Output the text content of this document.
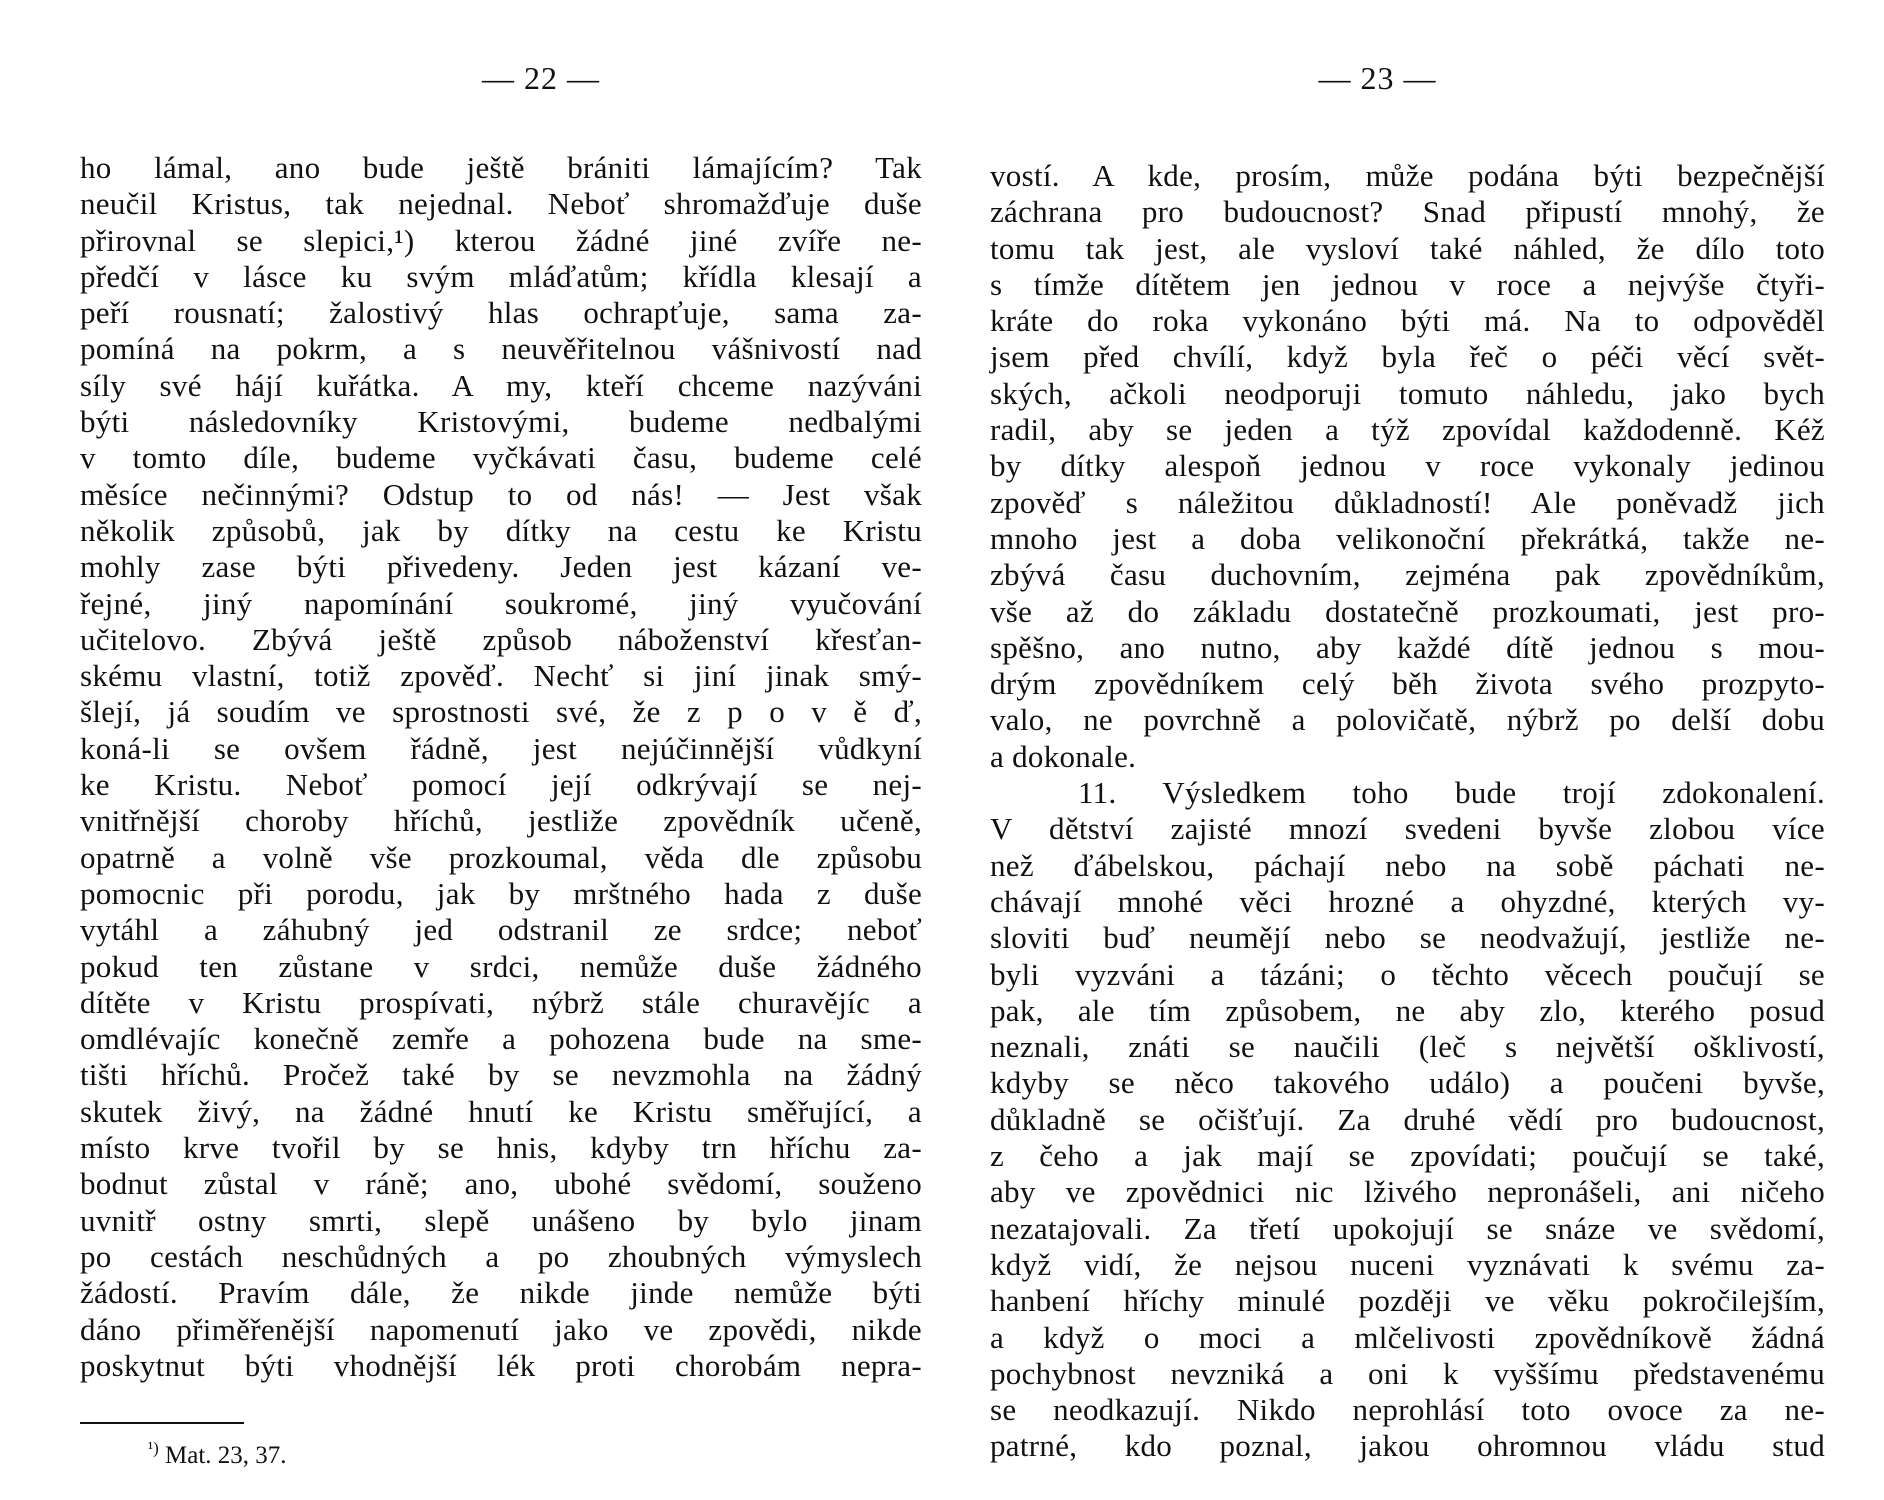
— 22 —
ho lámal, ano bude ještě brániti lámajícím? Tak
neučil Kristus, tak nejednal. Neboť shromažďuje duše
přirovnal se slepici,¹) kterou žádné jiné zvíře ne-
předčí v lásce ku svým mláďatům; křídla klesají a
peří rousnatí; žalostivý hlas ochrapťuje, sama za-
pomíná na pokrm, a s neuvěřitelnou vášnivostí nad
síly své hájí kuřátka. A my, kteří chceme nazýváni
býti následovníky Kristovými, budeme nedbalými
v tomto díle, budeme vyčkávati času, budeme celé
měsíce nečinnými? Odstup to od nás! — Jest však
několik způsobů, jak by dítky na cestu ke Kristu
mohly zase býti přivedeny. Jeden jest kázaní ve-
řejné, jiný napomínání soukromé, jiný vyučování
učitelovo. Zbývá ještě způsob náboženství křesťan-
skému vlastní, totiž zpověď. Nechť si jiní jinak smý-
šlejí, já soudím ve sprostnosti své, že z p o v ě ď,
koná-li se ovšem řádně, jest nejúčinnější vůdkyní
ke Kristu. Neboť pomocí její odkrývají se nej-
vnitřnější choroby hříchů, jestliže zpovědník učeně,
opatrně a volně vše prozkoumal, věda dle způsobu
pomocnic při porodu, jak by mrštného hada z duše
vytáhl a záhubný jed odstranil ze srdce; neboť
pokud ten zůstane v srdci, nemůže duše žádného
dítěte v Kristu prospívati, nýbrž stále churavějíc a
omdlévajíc konečně zemře a pohozena bude na sme-
tišti hříchů. Pročež také by se nevzmohla na žádný
skutek živý, na žádné hnutí ke Kristu směřující, a
místo krve tvořil by se hnis, kdyby trn hříchu za-
bodnut zůstal v ráně; ano, ubohé svědomí, souženo
uvnitř ostny smrti, slepě unášeno by bylo jinam
po cestách neschůdných a po zhoubných výmyslech
žádostí. Pravím dále, že nikde jinde nemůže býti
dáno přiměřenější napomenutí jako ve zpovědi, nikde
poskytnut býti vhodnější lék proti chorobám nepra-
$^{^1)}$ Mat. 23, 37.
— 23 —
vostí. A kde, prosím, může podána býti bezpečnější
záchrana pro budoucnost? Snad připustí mnohý, že
tomu tak jest, ale vysloví také náhled, že dílo toto
s tímže dítětem jen jednou v roce a nejvýše čtyři-
kráte do roka vykonáno býti má. Na to odpověděl
jsem před chvílí, když byla řeč o péči věcí svět-
ských, ačkoli neodporuji tomuto náhledu, jako bych
radil, aby se jeden a týž zpovídal každodenně. Kéž
by dítky alespoň jednou v roce vykonaly jedinou
zpověď s náležitou důkladností! Ale poněvadž jich
mnoho jest a doba velikonoční překrátká, takže ne-
zbývá času duchovním, zejména pak zpovědníkům,
vše až do základu dostatečně prozkoumati, jest pro-
spěšno, ano nutno, aby každé dítě jednou s mou-
drým zpovědníkem celý běh života svého prozpyto-
valo, ne povrchně a polovičatě, nýbrž po delší dobu
a dokonale.
11. Výsledkem toho bude trojí zdokonalení.
V dětství zajisté mnozí svedeni byvše zlobou více
než ďábelskou, páchají nebo na sobě páchati ne-
chávají mnohé věci hrozné a ohyzdné, kterých vy-
sloviti buď neumějí nebo se neodvažují, jestliže ne-
byli vyzváni a tázáni; o těchto věcech poučují se
pak, ale tím způsobem, ne aby zlo, kterého posud
neznali, znáti se naučili (leč s největší ošklivostí,
kdyby se něco takového událo) a poučeni byvše,
důkladně se očišťují. Za druhé vědí pro budoucnost,
z čeho a jak mají se zpovídati; poučují se také,
aby ve zpovědnici nic lživého nepronášeli, ani ničeho
nezatajovali. Za třetí upokojují se snáze ve svědomí,
když vidí, že nejsou nuceni vyznávati k svému za-
hanbení hříchy minulé později ve věku pokročilejším,
a když o moci a mlčelivosti zpovědníkově žádná
pochybnost nevzniká a oni k vyššímu představenému
se neodkazují. Nikdo neprohlásí toto ovoce za ne-
patrné, kdo poznal, jakou ohromnou vládu stud
